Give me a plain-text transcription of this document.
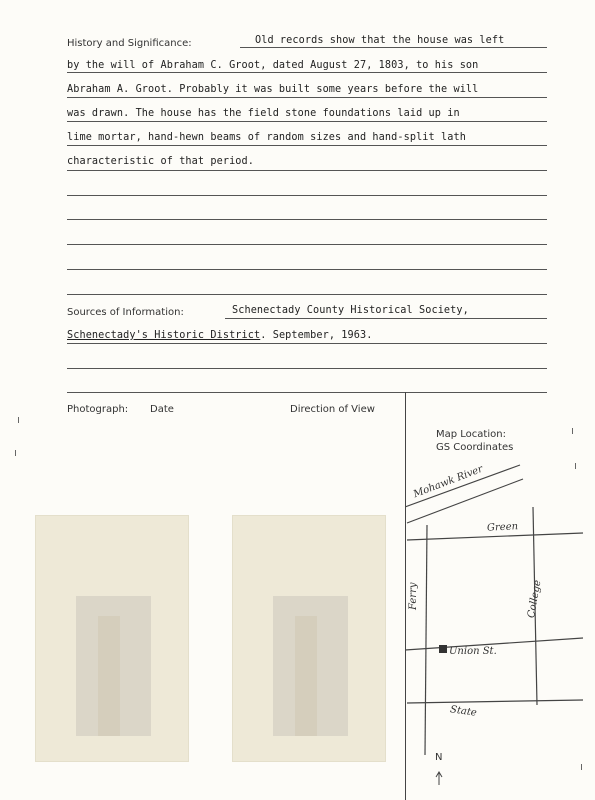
History and Significance:	Old records show that the house was left
by the will of Abraham C. Groot, dated August 27, 1803, to his son
Abraham A. Groot. Probably it was built some years before the will
was drawn. The house has the field stone foundations laid up in
lime mortar, hand-hewn beams of random sizes and hand-split lath
characteristic of that period.
Sources of Information:	Schenectady County Historical Society,
Schenectady's Historic District. September, 1963.
Photograph: Date	Direction of View
Map Location:
GS Coordinates
Mohawk River
Green
Ferry	College
Union St.
State
N
